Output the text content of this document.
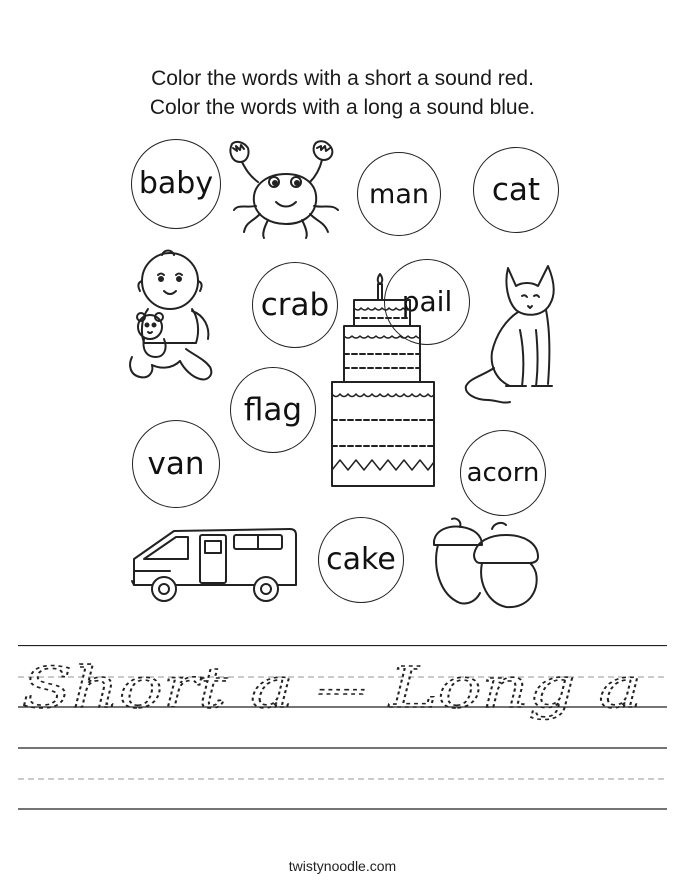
Color the words with a short a sound red.
Color the words with a long a sound blue.
baby	man cat
crab	pail
flag
van	acorn
cake
Short a -- Long a
twistynoodle.com
